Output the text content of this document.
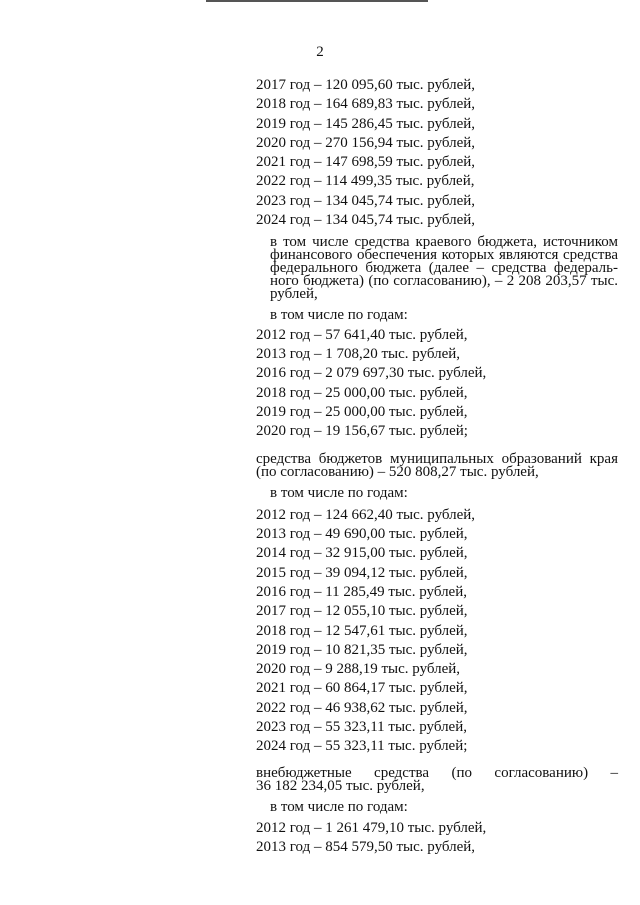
2
2017 год – 120 095,60 тыс. рублей,
2018 год – 164 689,83 тыс. рублей,
2019 год – 145 286,45 тыс. рублей,
2020 год – 270 156,94 тыс. рублей,
2021 год – 147 698,59 тыс. рублей,
2022 год – 114 499,35 тыс. рублей,
2023 год – 134 045,74 тыс. рублей,
2024 год – 134 045,74 тыс. рублей,
в том числе средства краевого бюджета, источником
финансового обеспечения которых являются средства
федерального бюджета (далее – средства федераль-
ного бюджета) (по согласованию), – 2 208 203,57 тыс.
рублей,
в том числе по годам:
2012 год – 57 641,40 тыс. рублей,
2013 год – 1 708,20 тыс. рублей,
2016 год – 2 079 697,30 тыс. рублей,
2018 год – 25 000,00 тыс. рублей,
2019 год – 25 000,00 тыс. рублей,
2020 год – 19 156,67 тыс. рублей;
средства бюджетов муниципальных образований края
(по согласованию) – 520 808,27 тыс. рублей,
в том числе по годам:
2012 год – 124 662,40 тыс. рублей,
2013 год – 49 690,00 тыс. рублей,
2014 год – 32 915,00 тыс. рублей,
2015 год – 39 094,12 тыс. рублей,
2016 год – 11 285,49 тыс. рублей,
2017 год – 12 055,10 тыс. рублей,
2018 год – 12 547,61 тыс. рублей,
2019 год – 10 821,35 тыс. рублей,
2020 год – 9 288,19 тыс. рублей,
2021 год – 60 864,17 тыс. рублей,
2022 год – 46 938,62 тыс. рублей,
2023 год – 55 323,11 тыс. рублей,
2024 год – 55 323,11 тыс. рублей;
внебюджетные средства (по согласованию) –
36 182 234,05 тыс. рублей,
в том числе по годам:
2012 год – 1 261 479,10 тыс. рублей,
2013 год – 854 579,50 тыс. рублей,
